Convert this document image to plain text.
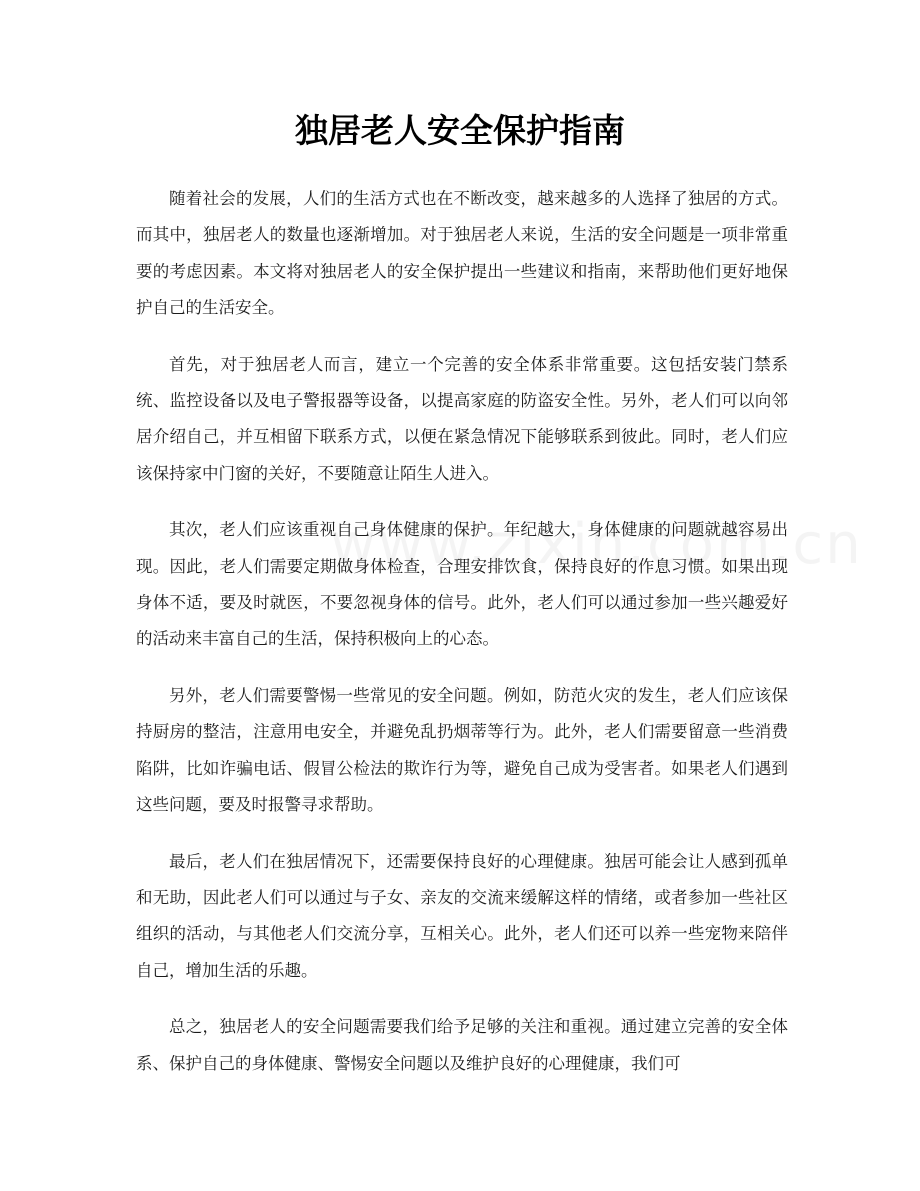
独居老人安全保护指南

随着社会的发展，人们的生活方式也在不断改变，越来越多的人选择了独居的方式。而其中，独居老人的数量也逐渐增加。对于独居老人来说，生活的安全问题是一项非常重要的考虑因素。本文将对独居老人的安全保护提出一些建议和指南，来帮助他们更好地保护自己的生活安全。

首先，对于独居老人而言，建立一个完善的安全体系非常重要。这包括安装门禁系统、监控设备以及电子警报器等设备，以提高家庭的防盗安全性。另外，老人们可以向邻居介绍自己，并互相留下联系方式，以便在紧急情况下能够联系到彼此。同时，老人们应该保持家中门窗的关好，不要随意让陌生人进入。

其次，老人们应该重视自己身体健康的保护。年纪越大，身体健康的问题就越容易出现。因此，老人们需要定期做身体检查，合理安排饮食，保持良好的作息习惯。如果出现身体不适，要及时就医，不要忽视身体的信号。此外，老人们可以通过参加一些兴趣爱好的活动来丰富自己的生活，保持积极向上的心态。

另外，老人们需要警惕一些常见的安全问题。例如，防范火灾的发生，老人们应该保持厨房的整洁，注意用电安全，并避免乱扔烟蒂等行为。此外，老人们需要留意一些消费陷阱，比如诈骗电话、假冒公检法的欺诈行为等，避免自己成为受害者。如果老人们遇到这些问题，要及时报警寻求帮助。

最后，老人们在独居情况下，还需要保持良好的心理健康。独居可能会让人感到孤单和无助，因此老人们可以通过与子女、亲友的交流来缓解这样的情绪，或者参加一些社区组织的活动，与其他老人们交流分享，互相关心。此外，老人们还可以养一些宠物来陪伴自己，增加生活的乐趣。

总之，独居老人的安全问题需要我们给予足够的关注和重视。通过建立完善的安全体系、保护自己的身体健康、警惕安全问题以及维护良好的心理健康，我们可
